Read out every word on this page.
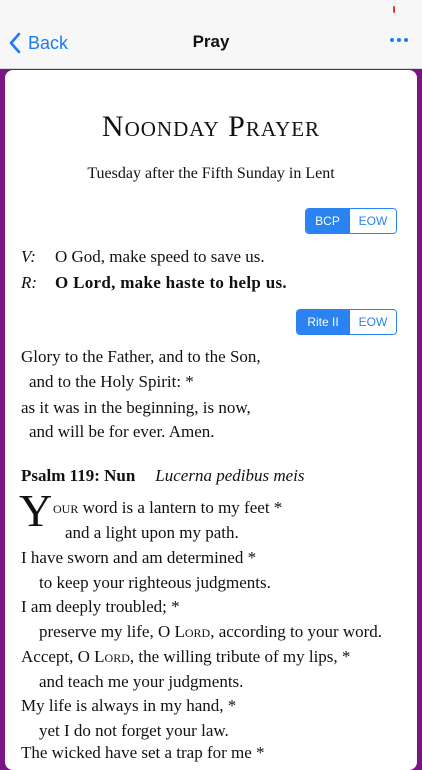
Back	Pray
Noonday Prayer
Tuesday after the Fifth Sunday in Lent
BCP	EOW
V: O God, make speed to save us.
R: O Lord, make haste to help us.
Rite II	EOW
Glory to the Father, and to the Son,
and to the Holy Spirit: *
as it was in the beginning, is now,
and will be for ever. Amen.
Psalm 119: Nun Lucerna pedibus meis
Y our word is a lantern to my feet *
and a light upon my path.
I have sworn and am determined *
to keep your righteous judgments.
I am deeply troubled; *
preserve my life, O Lord, according to your word.
Accept, O Lord, the willing tribute of my lips, *
and teach me your judgments.
My life is always in my hand, *
yet I do not forget your law.
The wicked have set a trap for me *
